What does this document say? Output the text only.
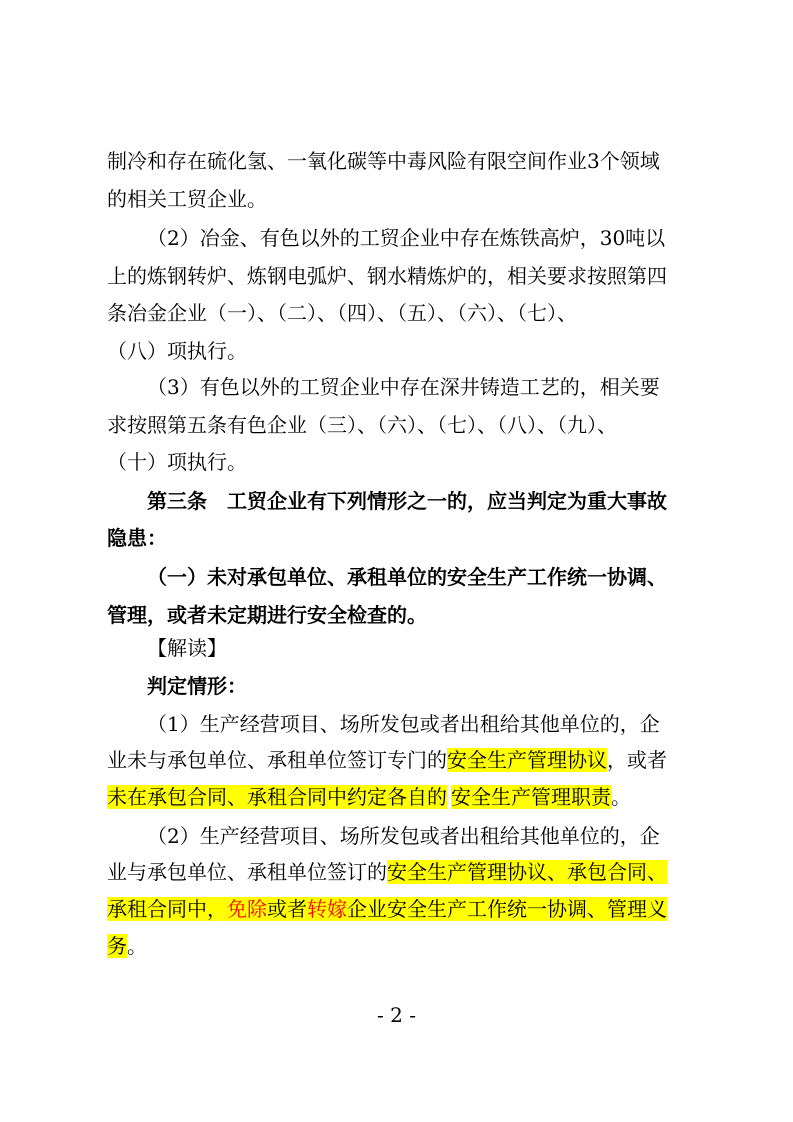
制冷和存在硫化氢、一氧化碳等中毒风险有限空间作业3个领域
的相关工贸企业。
（2）冶金、有色以外的工贸企业中存在炼铁高炉，30吨以
上的炼钢转炉、炼钢电弧炉、钢水精炼炉的，相关要求按照第四
条冶金企业（一）、（二）、（四）、（五）、（六）、（七）、
（八）项执行。
（3）有色以外的工贸企业中存在深井铸造工艺的，相关要
求按照第五条有色企业（三）、（六）、（七）、（八）、（九）、
（十）项执行。
第三条　工贸企业有下列情形之一的，应当判定为重大事故
隐患：
（一）未对承包单位、承租单位的安全生产工作统一协调、
管理，或者未定期进行安全检查的。
【解读】
判定情形：
（1）生产经营项目、场所发包或者出租给其他单位的，企
业未与承包单位、承租单位签订专门的安全生产管理协议，或者
未在承包合同、承租合同中约定各自的 安全生产管理职责。
（2）生产经营项目、场所发包或者出租给其他单位的，企
业与承包单位、承租单位签订的安全生产管理协议、承包合同、
承租合同中，免除或者转嫁企业安全生产工作统一协调、管理义
务。
- 2 -
